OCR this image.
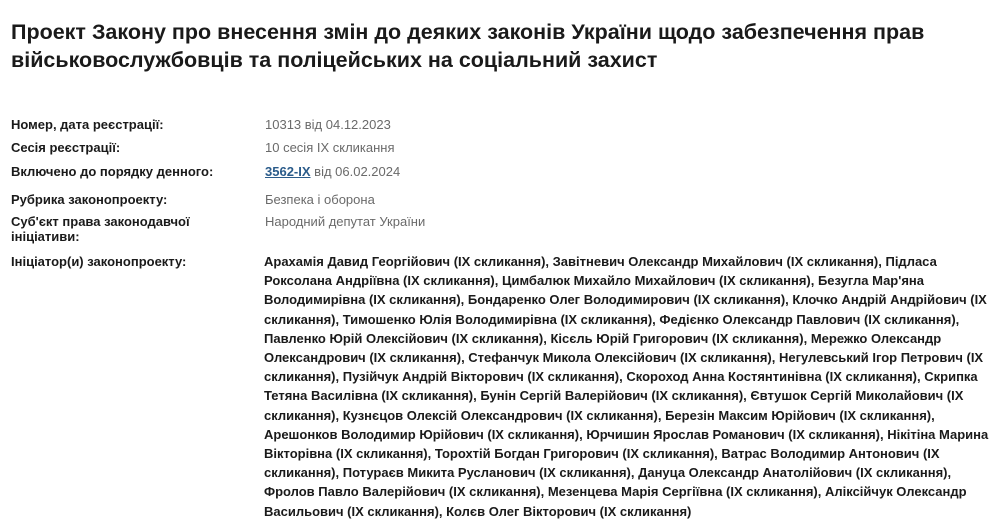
Проект Закону про внесення змін до деяких законів України щодо забезпечення прав військовослужбовців та поліцейських на соціальний захист
Номер, дата реєстрації:	10313 від 04.12.2023
Сесія реєстрації:	10 сесія IX скликання
Включено до порядку денного:	3562-IX від 06.02.2024
Рубрика законопроекту:	Безпека і оборона
Суб'єкт права законодавчої ініціативи:
Народний депутат України
Ініціатор(и) законопроекту:	Арахамія Давид Георгійович (IX скликання), Завітневич Олександр Михайлович (IX скликання), Підласа Роксолана Андріївна (IX скликання), Цимбалюк Михайло Михайлович (IX скликання), Безугла Мар'яна Володимирівна (IX скликання), Бондаренко Олег Володимирович (IX скликання), Клочко Андрій Андрійович (IX скликання), Тимошенко Юлія Володимирівна (IX скликання), Федієнко Олександр Павлович (IX скликання), Павленко Юрій Олексійович (IX скликання), Кісєль Юрій Григорович (IX скликання), Мережко Олександр Олександрович (IX скликання), Стефанчук Микола Олексійович (IX скликання), Негулевський Ігор Петрович (IX скликання), Пузійчук Андрій Вікторович (IX скликання), Скороход Анна Костянтинівна (IX скликання), Скрипка Тетяна Василівна (IX скликання), Бунін Сергій Валерійович (IX скликання), Євтушок Сергій Миколайович (IX скликання), Кузнєцов Олексій Олександрович (IX скликання), Березін Максим Юрійович (IX скликання), Арешонков Володимир Юрійович (IX скликання), Юрчишин Ярослав Романович (IX скликання), Нікітіна Марина Вікторівна (IX скликання), Торохтій Богдан Григорович (IX скликання), Ватрас Володимир Антонович (IX скликання), Потураєв Микита Русланович (IX скликання), Дануца Олександр Анатолійович (IX скликання), Фролов Павло Валерійович (IX скликання), Мезенцева Марія Сергіївна (IX скликання), Аліксійчук Олександр Васильович (IX скликання), Колєв Олег Вікторович (IX скликання)
